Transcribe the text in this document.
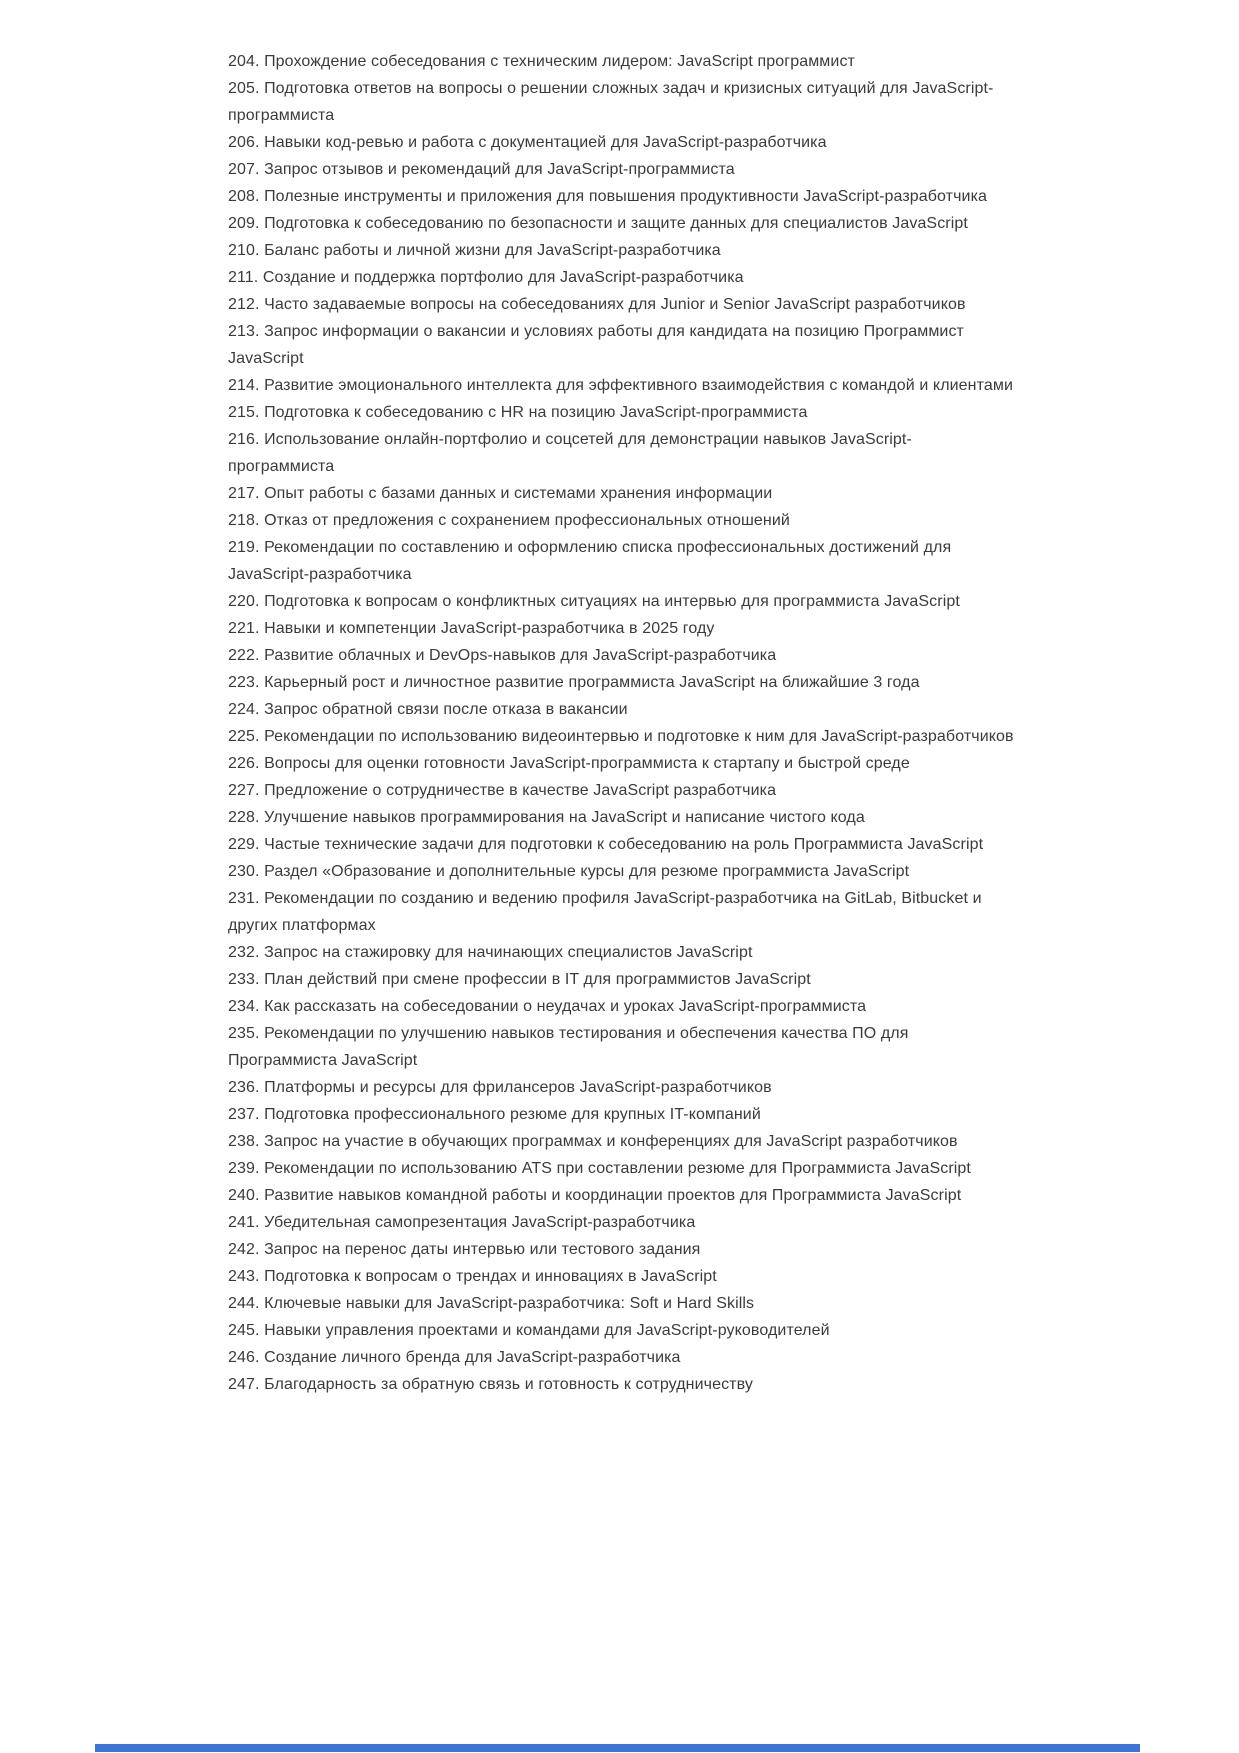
204. Прохождение собеседования с техническим лидером: JavaScript программист

205. Подготовка ответов на вопросы о решении сложных задач и кризисных ситуаций для JavaScript-программиста

206. Навыки код-ревью и работа с документацией для JavaScript-разработчика

207. Запрос отзывов и рекомендаций для JavaScript-программиста

208. Полезные инструменты и приложения для повышения продуктивности JavaScript-разработчика

209. Подготовка к собеседованию по безопасности и защите данных для специалистов JavaScript

210. Баланс работы и личной жизни для JavaScript-разработчика

211. Создание и поддержка портфолио для JavaScript-разработчика

212. Часто задаваемые вопросы на собеседованиях для Junior и Senior JavaScript разработчиков

213. Запрос информации о вакансии и условиях работы для кандидата на позицию Программист JavaScript

214. Развитие эмоционального интеллекта для эффективного взаимодействия с командой и клиентами

215. Подготовка к собеседованию с HR на позицию JavaScript-программиста

216. Использование онлайн-портфолио и соцсетей для демонстрации навыков JavaScript-программиста

217. Опыт работы с базами данных и системами хранения информации

218. Отказ от предложения с сохранением профессиональных отношений

219. Рекомендации по составлению и оформлению списка профессиональных достижений для JavaScript-разработчика

220. Подготовка к вопросам о конфликтных ситуациях на интервью для программиста JavaScript

221. Навыки и компетенции JavaScript-разработчика в 2025 году

222. Развитие облачных и DevOps-навыков для JavaScript-разработчика

223. Карьерный рост и личностное развитие программиста JavaScript на ближайшие 3 года

224. Запрос обратной связи после отказа в вакансии

225. Рекомендации по использованию видеоинтервью и подготовке к ним для JavaScript-разработчиков

226. Вопросы для оценки готовности JavaScript-программиста к стартапу и быстрой среде

227. Предложение о сотрудничестве в качестве JavaScript разработчика

228. Улучшение навыков программирования на JavaScript и написание чистого кода

229. Частые технические задачи для подготовки к собеседованию на роль Программиста JavaScript

230. Раздел «Образование и дополнительные курсы для резюме программиста JavaScript

231. Рекомендации по созданию и ведению профиля JavaScript-разработчика на GitLab, Bitbucket и других платформах

232. Запрос на стажировку для начинающих специалистов JavaScript

233. План действий при смене профессии в IT для программистов JavaScript

234. Как рассказать на собеседовании о неудачах и уроках JavaScript-программиста

235. Рекомендации по улучшению навыков тестирования и обеспечения качества ПО для Программиста JavaScript

236. Платформы и ресурсы для фрилансеров JavaScript-разработчиков

237. Подготовка профессионального резюме для крупных IT-компаний

238. Запрос на участие в обучающих программах и конференциях для JavaScript разработчиков

239. Рекомендации по использованию ATS при составлении резюме для Программиста JavaScript

240. Развитие навыков командной работы и координации проектов для Программиста JavaScript

241. Убедительная самопрезентация JavaScript-разработчика

242. Запрос на перенос даты интервью или тестового задания

243. Подготовка к вопросам о трендах и инновациях в JavaScript

244. Ключевые навыки для JavaScript-разработчика: Soft и Hard Skills

245. Навыки управления проектами и командами для JavaScript-руководителей

246. Создание личного бренда для JavaScript-разработчика

247. Благодарность за обратную связь и готовность к сотрудничеству
